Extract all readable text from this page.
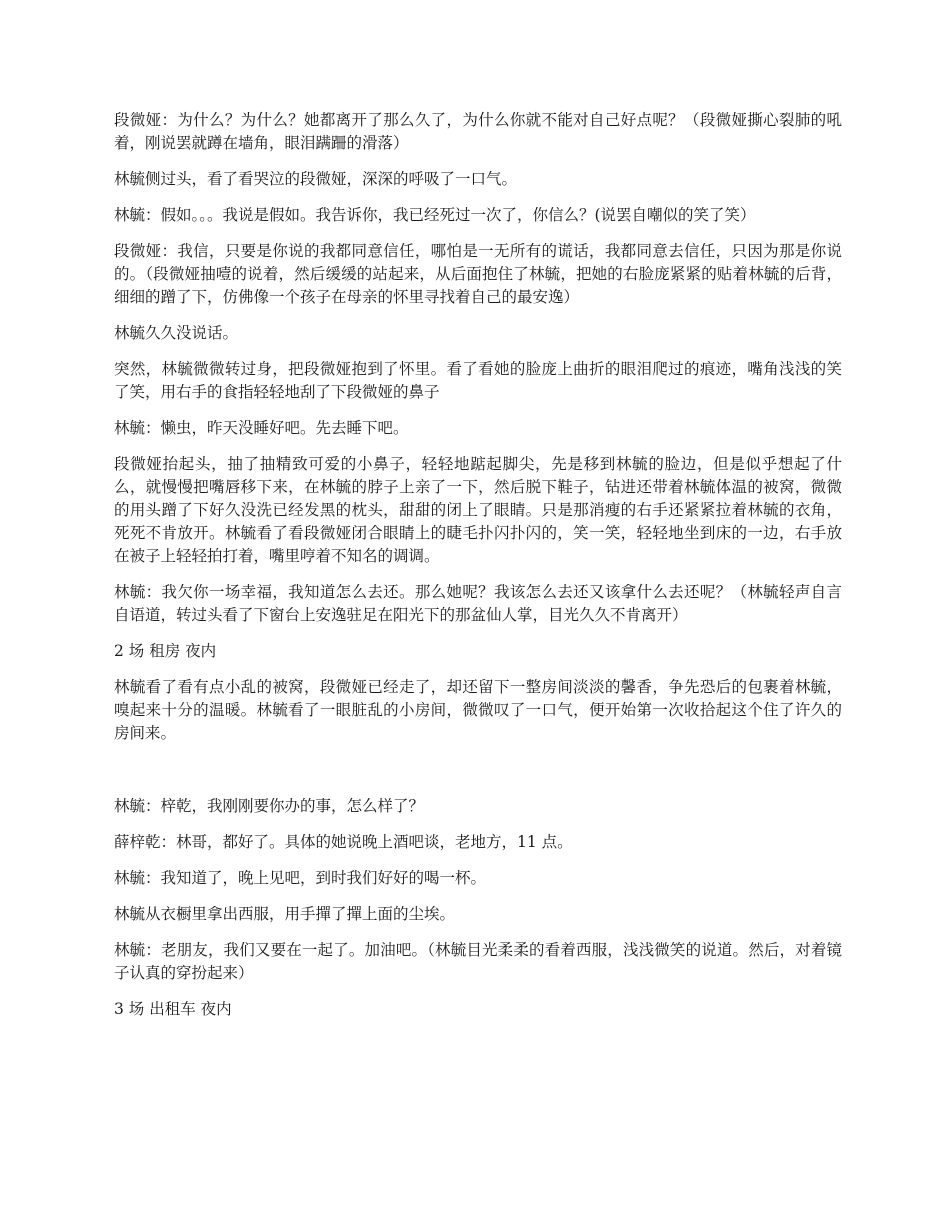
段微娅：为什么？为什么？她都离开了那么久了，为什么你就不能对自己好点呢？（段微娅撕心裂肺的吼着，刚说罢就蹲在墙角，眼泪蹒跚的滑落）

林毓侧过头，看了看哭泣的段微娅，深深的呼吸了一口气。

林毓：假如。。。我说是假如。我告诉你，我已经死过一次了，你信么？(说罢自嘲似的笑了笑）

段微娅：我信，只要是你说的我都同意信任，哪怕是一无所有的谎话，我都同意去信任，只因为那是你说的。（段微娅抽噎的说着，然后缓缓的站起来，从后面抱住了林毓，把她的右脸庞紧紧的贴着林毓的后背，细细的蹭了下，仿佛像一个孩子在母亲的怀里寻找着自己的最安逸）

林毓久久没说话。

突然，林毓微微转过身，把段微娅抱到了怀里。看了看她的脸庞上曲折的眼泪爬过的痕迹，嘴角浅浅的笑了笑，用右手的食指轻轻地刮了下段微娅的鼻子

林毓：懒虫，昨天没睡好吧。先去睡下吧。

段微娅抬起头，抽了抽精致可爱的小鼻子，轻轻地踮起脚尖，先是移到林毓的脸边，但是似乎想起了什么，就慢慢把嘴唇移下来，在林毓的脖子上亲了一下，然后脱下鞋子，钻进还带着林毓体温的被窝，微微的用头蹭了下好久没洗已经发黑的枕头，甜甜的闭上了眼睛。只是那消瘦的右手还紧紧拉着林毓的衣角，死死不肯放开。林毓看了看段微娅闭合眼睛上的睫毛扑闪扑闪的，笑一笑，轻轻地坐到床的一边，右手放在被子上轻轻拍打着，嘴里哼着不知名的调调。

林毓：我欠你一场幸福，我知道怎么去还。那么她呢？我该怎么去还又该拿什么去还呢？（林毓轻声自言自语道，转过头看了下窗台上安逸驻足在阳光下的那盆仙人掌，目光久久不肯离开）

2 场 租房 夜内

林毓看了看有点小乱的被窝，段微娅已经走了，却还留下一整房间淡淡的馨香，争先恐后的包裹着林毓，嗅起来十分的温暖。林毓看了一眼脏乱的小房间，微微叹了一口气，便开始第一次收拾起这个住了许久的房间来。

林毓：梓乾，我刚刚要你办的事，怎么样了？

薛梓乾：林哥，都好了。具体的她说晚上酒吧谈，老地方，11 点。

林毓：我知道了，晚上见吧，到时我们好好的喝一杯。

林毓从衣橱里拿出西服，用手撣了撣上面的尘埃。

林毓：老朋友，我们又要在一起了。加油吧。（林毓目光柔柔的看着西服，浅浅微笑的说道。然后，对着镜子认真的穿扮起来）

3 场 出租车 夜内
